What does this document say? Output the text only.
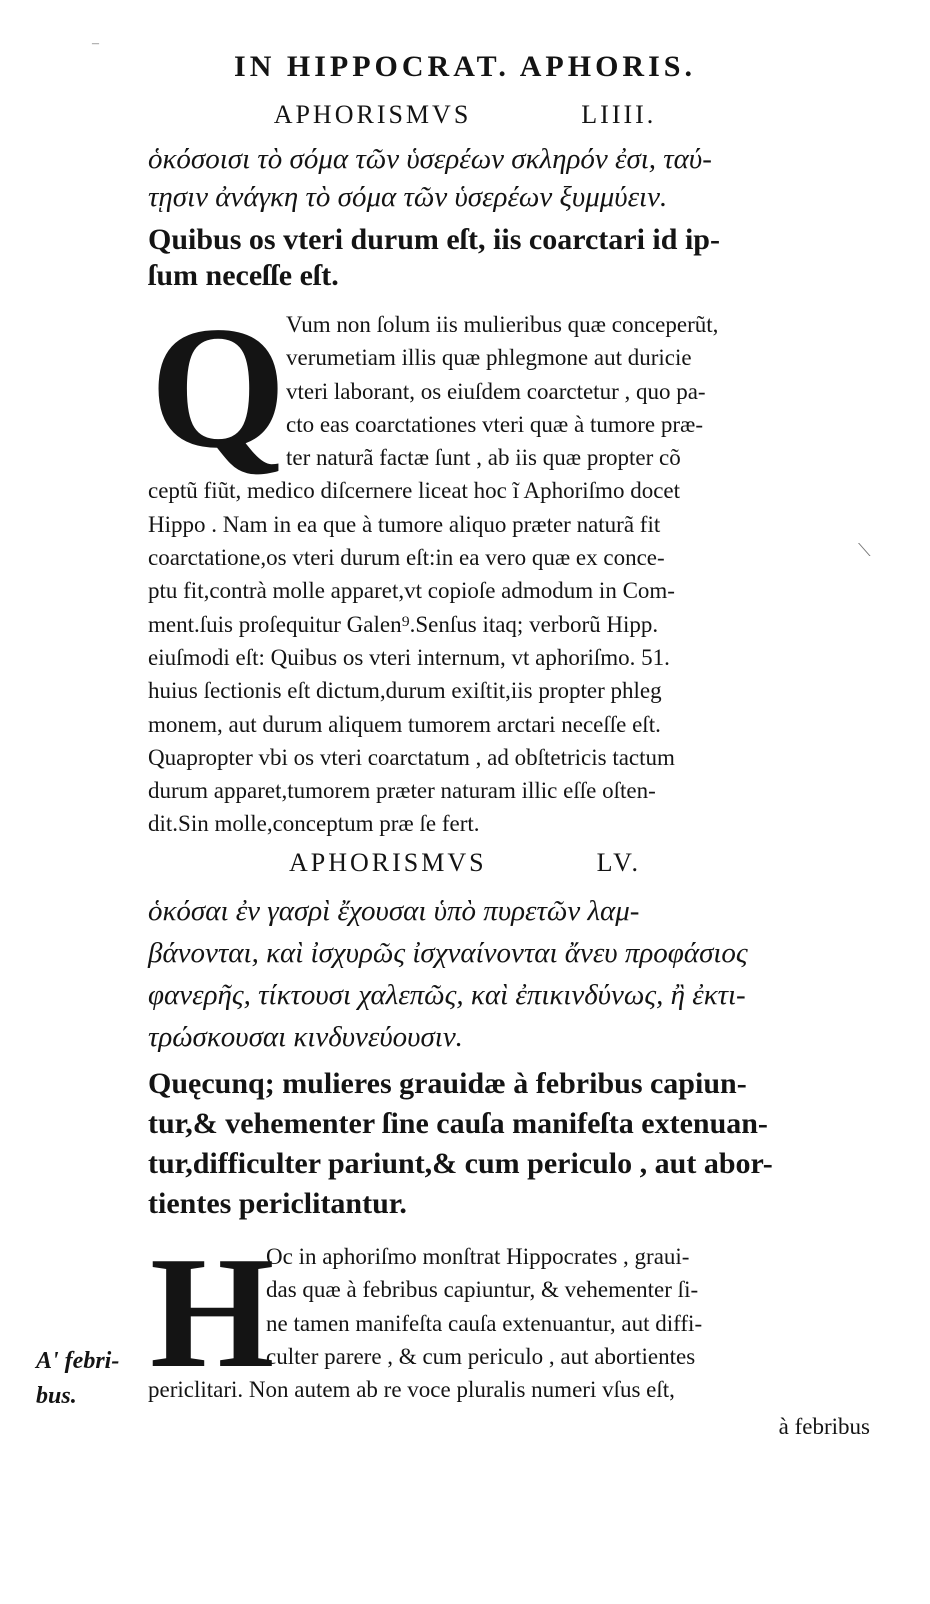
IN HIPPOCRAT. APHORIS.
APHORISMVS	LIIII.
ὁκόσοισι τὸ σόμα τῶν ὑσερέων σκληρόν ἐσι, ταύ-
τῃσιν ἀνάγκη τὸ σόμα τῶν ὑσερέων ξυμμύειν.
Quibus os vteri durum eſt, iis coarctari id ip-
ſum neceſſe eſt.
Q Vum non ſolum iis mulieribus quæ conceperũt,
verumetiam illis quæ phlegmone aut duricie
vteri laborant, os eiuſdem coarctetur , quo pa-
cto eas coarctationes vteri quæ à tumore præ-
ter naturã factæ ſunt , ab iis quæ propter cõ
ceptũ fiũt, medico diſcernere liceat hoc ĩ Aphoriſmo docet
Hippo . Nam in ea que à tumore aliquo præter naturã fit
coarctatione,os vteri durum eſt:in ea vero quæ ex conce-
ptu fit,contrà molle apparet,vt copioſe admodum in Com-
ment.ſuis proſequitur Galen⁹.Senſus itaq; verborũ Hipp.
eiuſmodi eſt: Quibus os vteri internum, vt aphoriſmo. 51.
huius ſectionis eſt dictum,durum exiſtit,iis propter phleg
monem, aut durum aliquem tumorem arctari neceſſe eſt.
Quapropter vbi os vteri coarctatum , ad obſtetricis tactum
durum apparet,tumorem præter naturam illic eſſe oſten-
dit.Sin molle,conceptum præ ſe fert.
APHORISMVS	LV.
ὁκόσαι ἐν γασρὶ ἔχουσαι ὑπὸ πυρετῶν λαμ-
βάνονται, καὶ ἰσχυρῶς ἰσχναίνονται ἄνευ προφάσιος
φανερῆς, τίκτουσι χαλεπῶς, καὶ ἐπικινδύνως, ἢ ἐκτι-
τρώσκουσαι κινδυνεύουσιν.
Quęcunq; mulieres grauidæ à febribus capiun-
tur,& vehementer ſine cauſa manifeſta extenuan-
tur,difficulter pariunt,& cum periculo , aut abor-
tientes periclitantur.
H
Oc in aphoriſmo monſtrat Hippocrates , graui-
das quæ à febribus capiuntur, & vehementer ſi-
ne tamen manifeſta cauſa extenuantur, aut diffi-
culter parere , & cum periculo , aut abortientes
periclitari. Non autem ab re voce pluralis numeri vſus eſt,
A' febri-
bus.
à febribus
–
⟍
